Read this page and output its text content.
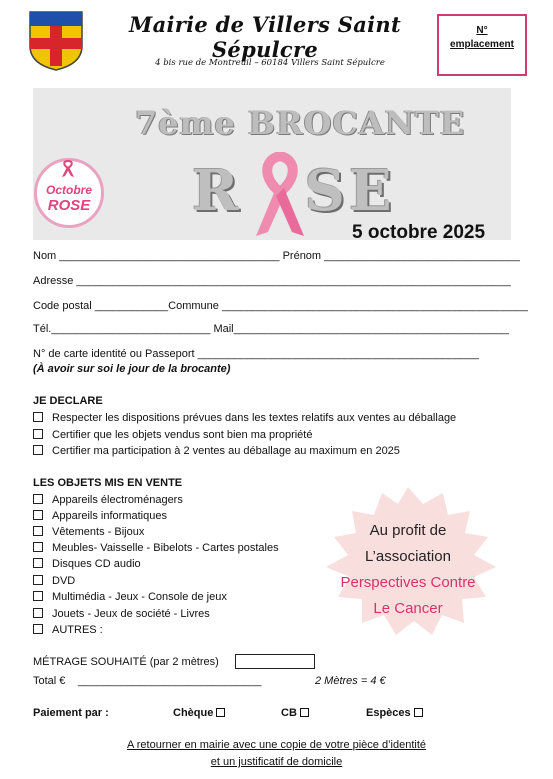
Mairie de Villers Saint Sépulcre
4 bis rue de Montreuil – 60184 Villers Saint Sépulcre
N°
emplacement
7ème BROCANTE
R SE
5 octobre 2025
Octobre
ROSE
Nom ____________________________________ Prénom ________________________________
Adresse _______________________________________________________________________
Code postal ____________Commune __________________________________________________
Tél.__________________________ Mail_____________________________________________
N° de carte identité ou Passeport ______________________________________________
(À avoir sur soi le jour de la brocante)
JE DECLARE
Respecter les dispositions prévues dans les textes relatifs aux ventes au déballage
Certifier que les objets vendus sont bien ma propriété
Certifier ma participation à 2 ventes au déballage au maximum en 2025
LES OBJETS MIS EN VENTE
Appareils électroménagers
Appareils informatiques
Vêtements - Bijoux
Meubles- Vaisselle - Bibelots - Cartes postales
Disques CD audio
DVD
Multimédia - Jeux - Console de jeux
Jouets - Jeux de société - Livres
AUTRES :
Au profit de
L’association
Perspectives Contre
Le Cancer
MÉTRAGE SOUHAITÉ (par 2 mètres)
Total € ______________________________	2 Mètres = 4 €
Paiement par :	Chèque	CB	Espèces
A retourner en mairie avec une copie de votre pièce d’identité
et un justificatif de domicile
